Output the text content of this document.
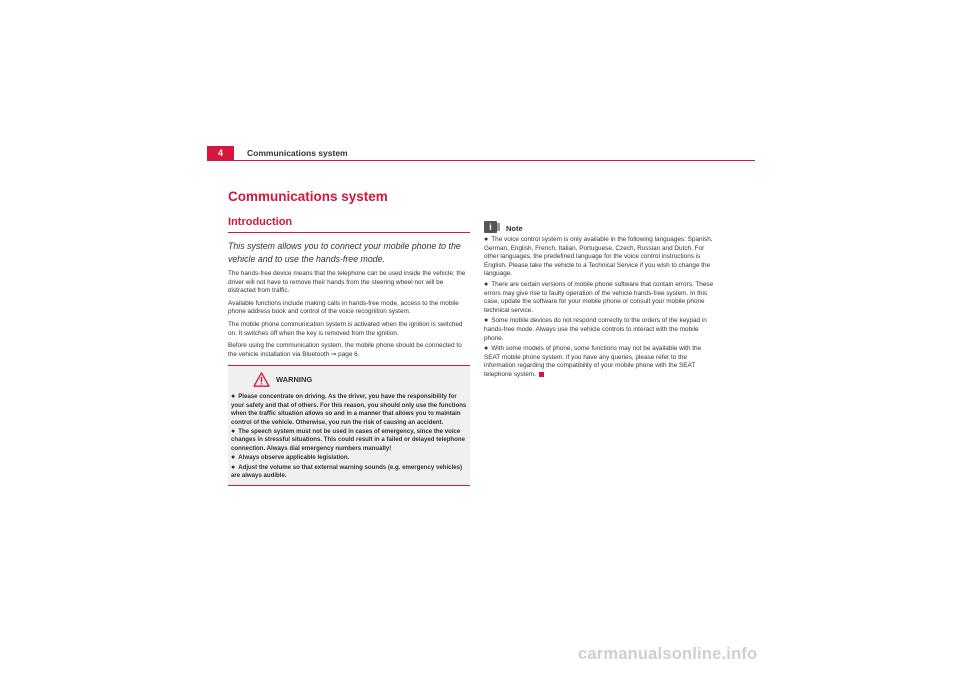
4	Communications system
Communications system
Introduction

This system allows you to connect your mobile phone to the vehicle and to use the hands-free mode.

The hands-free device means that the telephone can be used inside the vehicle; the driver will not have to remove their hands from the steering wheel nor will be distracted from traffic.

Available functions include making calls in hands-free mode, access to the mobile phone address book and control of the voice recognition system.

The mobile phone communication system is activated when the ignition is switched on. It switches off when the key is removed from the ignition.

Before using the communication system, the mobile phone should be connected to the vehicle installation via Bluetooth ⇒ page 6.

WARNING
● Please concentrate on driving. As the driver, you have the responsibility for your safety and that of others. For this reason, you should only use the functions when the traffic situation allows so and in a manner that allows you to maintain control of the vehicle. Otherwise, you run the risk of causing an accident.
● The speech system must not be used in cases of emergency, since the voice changes in stressful situations. This could result in a failed or delayed telephone connection. Always dial emergency numbers manually!
● Always observe applicable legislation.
● Adjust the volume so that external warning sounds (e.g. emergency vehicles) are always audible.
i	Note
● The voice control system is only available in the following languages: Spanish, German, English, French, Italian, Portuguese, Czech, Russian and Dutch. For other languages, the predefined language for the voice control instructions is English. Please take the vehicle to a Technical Service if you wish to change the language.
● There are certain versions of mobile phone software that contain errors. These errors may give rise to faulty operation of the vehicle hands-free system. In this case, update the software for your mobile phone or consult your mobile phone technical service.
● Some mobile devices do not respond correctly to the orders of the keypad in hands-free mode. Always use the vehicle controls to interact with the mobile phone.
● With some models of phone, some functions may not be available with the SEAT mobile phone system. If you have any queries, please refer to the information regarding the compatibility of your mobile phone with the SEAT telephone system.
carmanualsonline.info
